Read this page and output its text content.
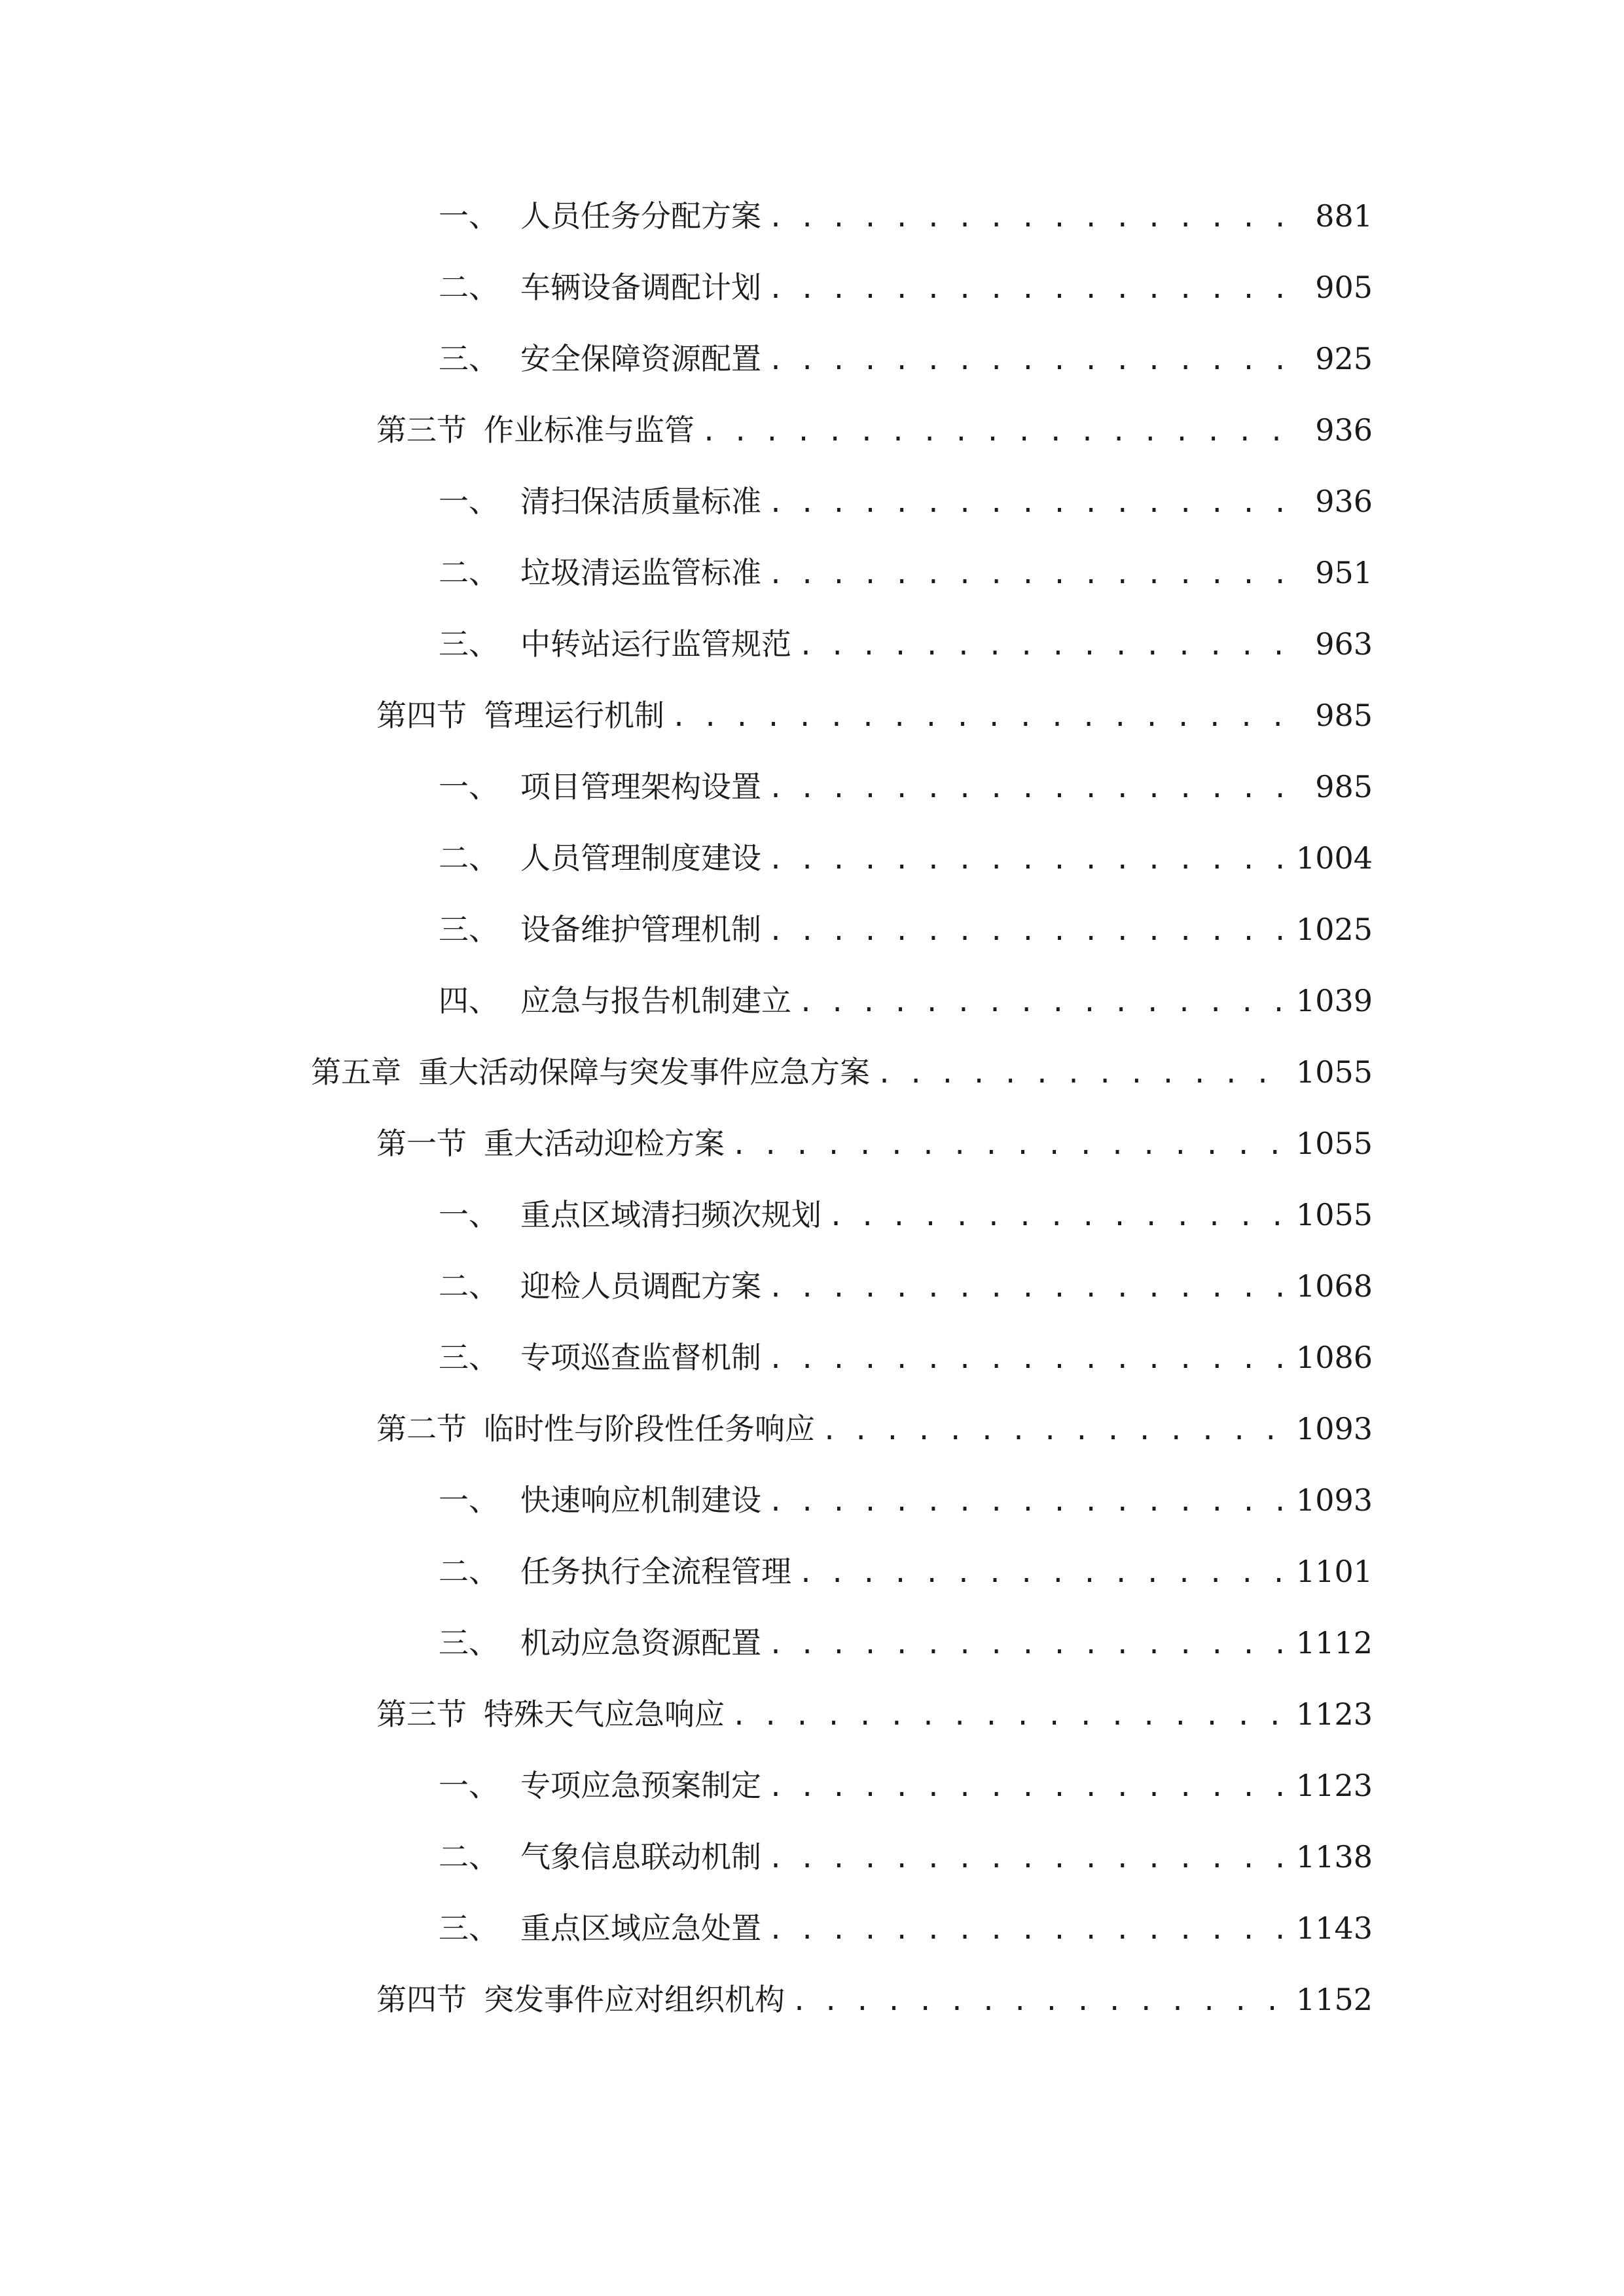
一、 人员任务分配方案 . . .	881
二、 车辆设备调配计划 . . .	905
三、 安全保障资源配置 . . .	925
第三节 作业标准与监管 . . .	936
一、 清扫保洁质量标准 . . .	936
二、 垃圾清运监管标准 . . .	951
三、 中转站运行监管规范 . . .	963
第四节 管理运行机制 . . .	985
一、 项目管理架构设置 . . .	985
二、 人员管理制度建设 . . .	1004
三、 设备维护管理机制 . . .	1025
四、 应急与报告机制建立 . . .	1039
第五章 重大活动保障与突发事件应急方案 . . .	1055
第一节 重大活动迎检方案 . . .	1055
一、 重点区域清扫频次规划 . . .	1055
二、 迎检人员调配方案 . . .	1068
三、 专项巡查监督机制 . . .	1086
第二节 临时性与阶段性任务响应 . . .	1093
一、 快速响应机制建设 . . .	1093
二、 任务执行全流程管理 . . .	1101
三、 机动应急资源配置 . . .	1112
第三节 特殊天气应急响应 . . .	1123
一、 专项应急预案制定 . . .	1123
二、 气象信息联动机制 . . .	1138
三、 重点区域应急处置 . . .	1143
第四节 突发事件应对组织机构 . . .	1152
